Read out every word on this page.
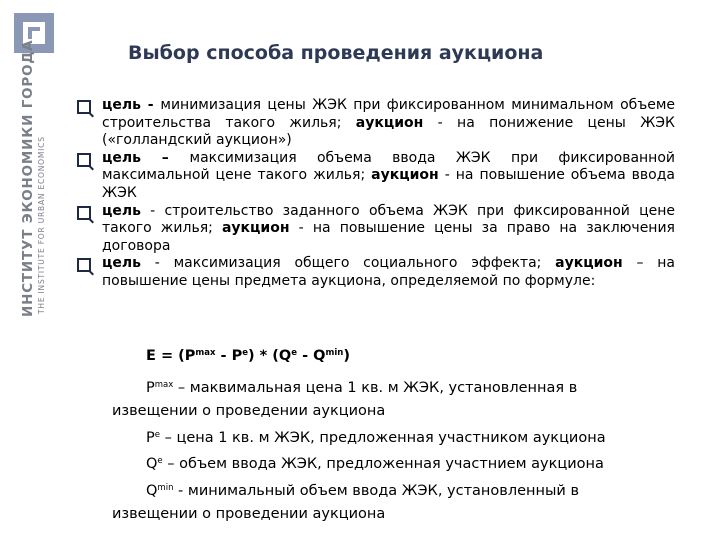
ИНСТИТУТ ЭКОНОМИКИ ГОРОДА THE INSTITUTE FOR URBAN ECONOMICS
Выбор способа проведения аукциона
цель - минимизация цены ЖЭК при фиксированном минимальном объеме строительства такого жилья; аукцион - на понижение цены ЖЭК («голландский аукцион»)
цель – максимизация объема ввода ЖЭК при фиксированной максимальной цене такого жилья; аукцион - на повышение объема ввода ЖЭК
цель - строительство заданного объема ЖЭК при фиксированной цене такого жилья; аукцион - на повышение цены за право на заключения договора
цель - максимизация общего социального эффекта; аукцион – на повышение цены предмета аукциона, определяемой по формуле:
$E = (P^{max} - P^e) * (Q^e - Q^{min})$
$P^{max}$ – маквимальная цена 1 кв. м ЖЭК, установленная в
извещении о проведении аукциона
$P^e$ – цена 1 кв. м ЖЭК, предложенная участником аукциона
$Q^e$ – объем ввода ЖЭК, предложенная участнием аукциона
$Q^{min}$ - минимальный объем ввода ЖЭК, установленный в
извещении о проведении аукциона
